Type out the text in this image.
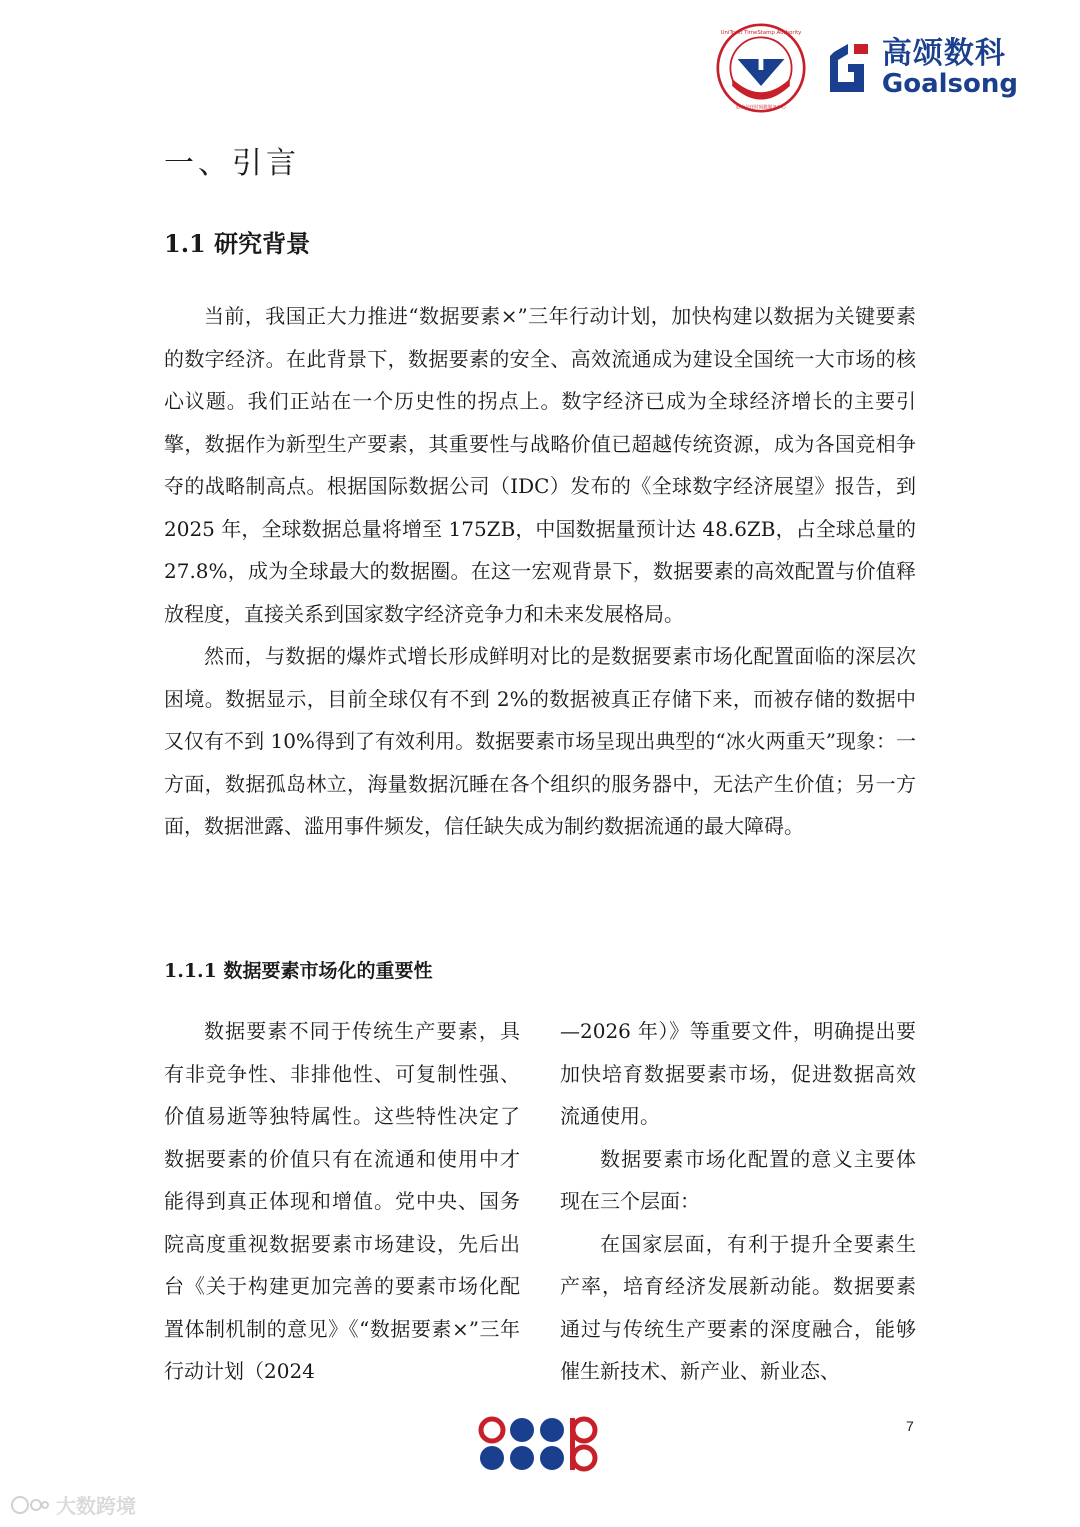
T
UniTrust TimeStamp Authority
联合信任时间戳服务中心
高颂数科
Goalsong
一、引言
1.1 研究背景

当前，我国正大力推进“数据要素×”三年行动计划，加快构建以数据为关键要素的数字经济。在此背景下，数据要素的安全、高效流通成为建设全国统一大市场的核心议题。我们正站在一个历史性的拐点上。数字经济已成为全球经济增长的主要引擎，数据作为新型生产要素，其重要性与战略价值已超越传统资源，成为各国竞相争夺的战略制高点。根据国际数据公司（IDC）发布的《全球数字经济展望》报告，到 2025 年，全球数据总量将增至 175ZB，中国数据量预计达 48.6ZB，占全球总量的 27.8%，成为全球最大的数据圈。在这一宏观背景下，数据要素的高效配置与价值释放程度，直接关系到国家数字经济竞争力和未来发展格局。

然而，与数据的爆炸式增长形成鲜明对比的是数据要素市场化配置面临的深层次困境。数据显示，目前全球仅有不到 2%的数据被真正存储下来，而被存储的数据中又仅有不到 10%得到了有效利用。数据要素市场呈现出典型的“冰火两重天”现象：一方面，数据孤岛林立，海量数据沉睡在各个组织的服务器中，无法产生价值；另一方面，数据泄露、滥用事件频发，信任缺失成为制约数据流通的最大障碍。

1.1.1 数据要素市场化的重要性

数据要素不同于传统生产要素，具有非竞争性、非排他性、可复制性强、价值易逝等独特属性。这些特性决定了数据要素的价值只有在流通和使用中才能得到真正体现和增值。党中央、国务院高度重视数据要素市场建设，先后出台《关于构建更加完善的要素市场化配置体制机制的意见》《“数据要素×”三年行动计划（2024

—2026 年）》等重要文件，明确提出要加快培育数据要素市场，促进数据高效流通使用。

数据要素市场化配置的意义主要体现在三个层面：

在国家层面，有利于提升全要素生产率，培育经济发展新动能。数据要素通过与传统生产要素的深度融合，能够催生新技术、新产业、新业态、

7
大数跨境
